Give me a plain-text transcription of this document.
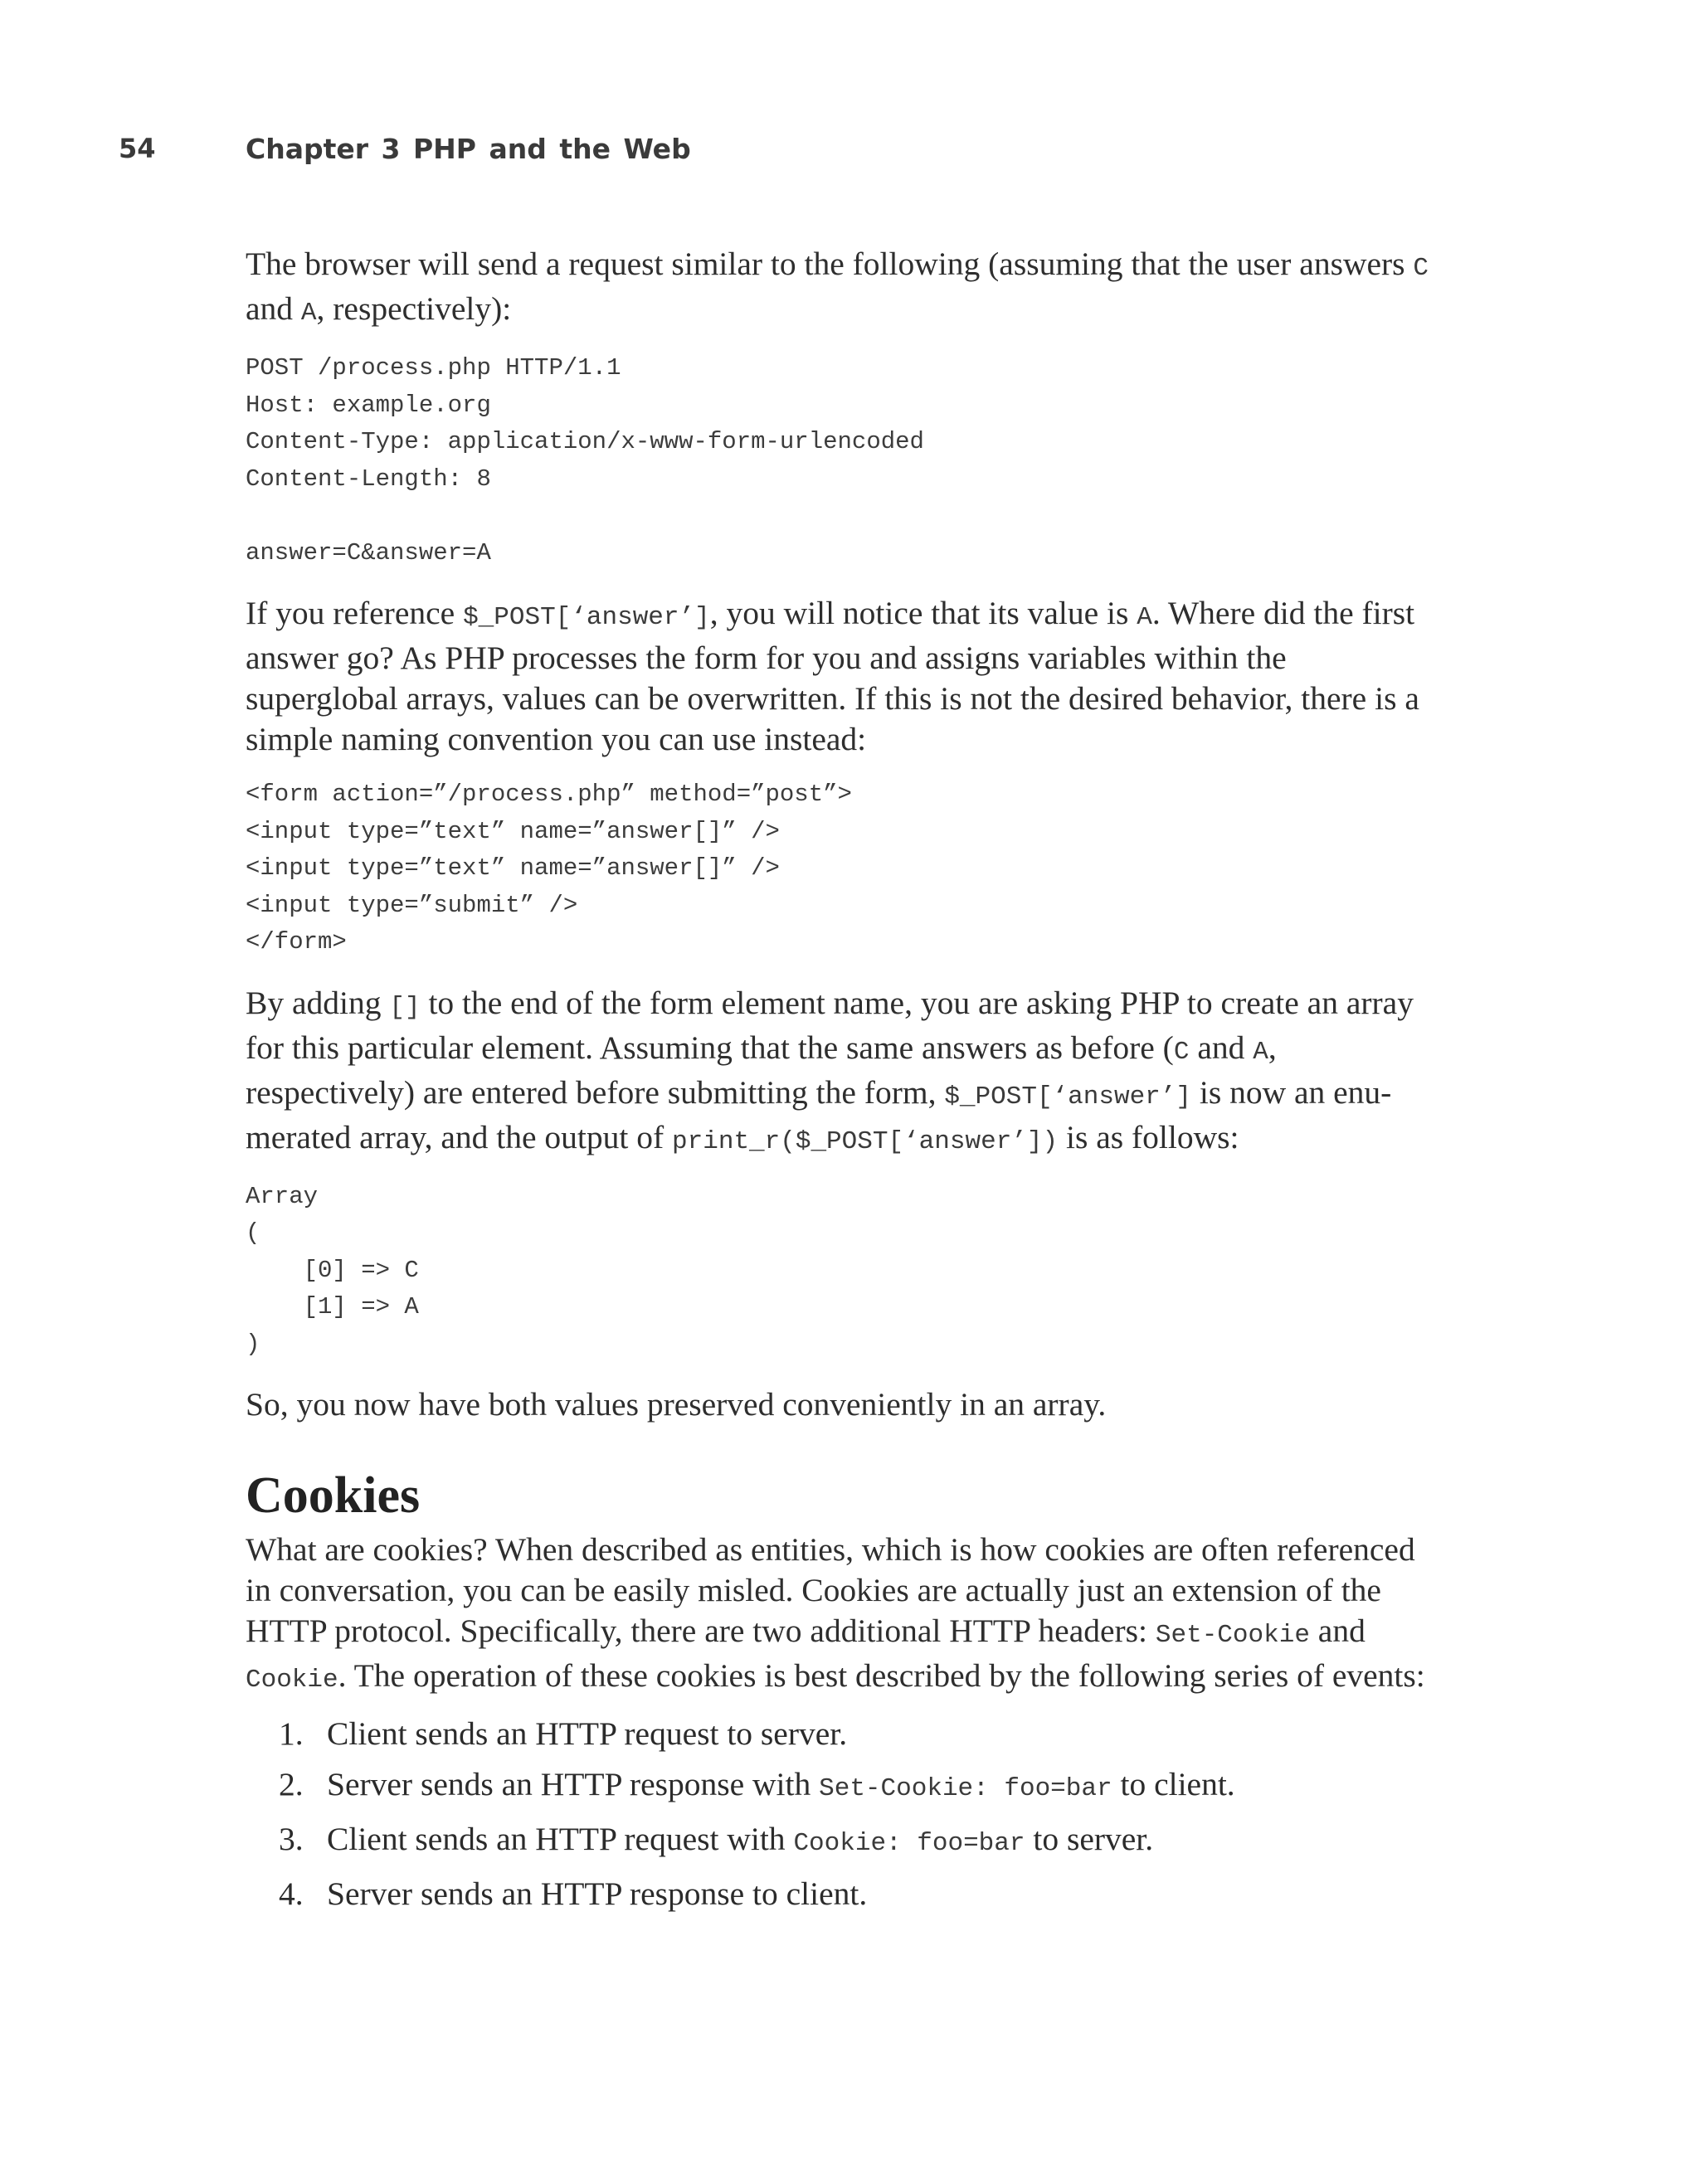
54	Chapter 3 PHP and the Web

The browser will send a request similar to the following (assuming that the user answers C and A, respectively):

POST /process.php HTTP/1.1
Host: example.org
Content-Type: application/x-www-form-urlencoded
Content-Length: 8

answer=C&answer=A

If you reference $_POST[‘answer’], you will notice that its value is A. Where did the first answer go? As PHP processes the form for you and assigns variables within the superglobal arrays, values can be overwritten. If this is not the desired behavior, there is a simple naming convention you can use instead:

<form action=”/process.php” method=”post”>
<input type=”text” name=”answer[]” />
<input type=”text” name=”answer[]” />
<input type=”submit” />
</form>

By adding [] to the end of the form element name, you are asking PHP to create an array for this particular element. Assuming that the same answers as before (C and A, respectively) are entered before submitting the form, $_POST[‘answer’] is now an enu-merated array, and the output of print_r($_POST[‘answer’]) is as follows:

Array
(
[0] => C
[1] => A
)

So, you now have both values preserved conveniently in an array.

Cookies

What are cookies? When described as entities, which is how cookies are often referenced in conversation, you can be easily misled. Cookies are actually just an extension of the HTTP protocol. Specifically, there are two additional HTTP headers: Set-Cookie and Cookie. The operation of these cookies is best described by the following series of events:

1. Client sends an HTTP request to server.
2. Server sends an HTTP response with Set-Cookie: foo=bar to client.
3. Client sends an HTTP request with Cookie: foo=bar to server.
4. Server sends an HTTP response to client.
